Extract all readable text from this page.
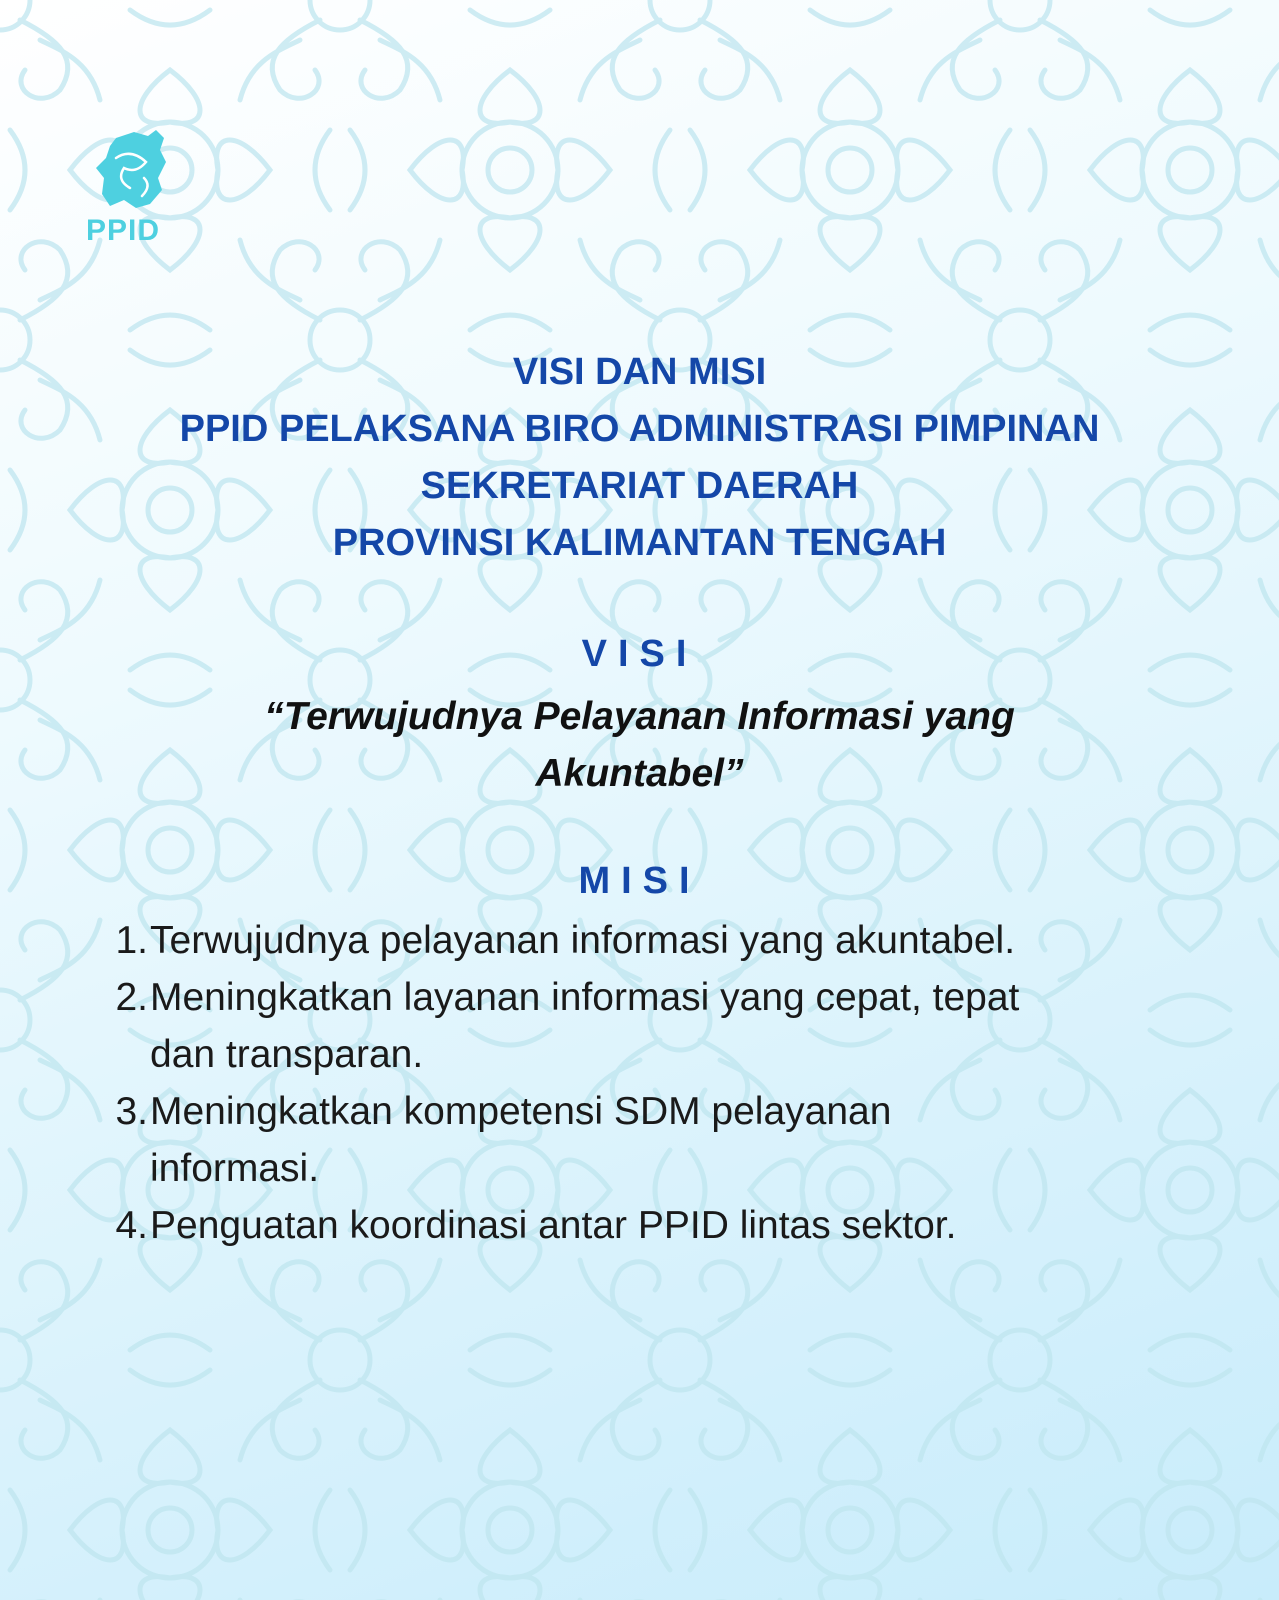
PPID
VISI DAN MISI
PPID PELAKSANA BIRO ADMINISTRASI PIMPINAN
SEKRETARIAT DAERAH
PROVINSI KALIMANTAN TENGAH
VISI
“Terwujudnya Pelayanan Informasi yang
Akuntabel”
MISI
1. Terwujudnya pelayanan informasi yang akuntabel.
2. Meningkatkan layanan informasi yang cepat, tepat
dan transparan.
3. Meningkatkan kompetensi SDM pelayanan
informasi.
4. Penguatan koordinasi antar PPID lintas sektor.
